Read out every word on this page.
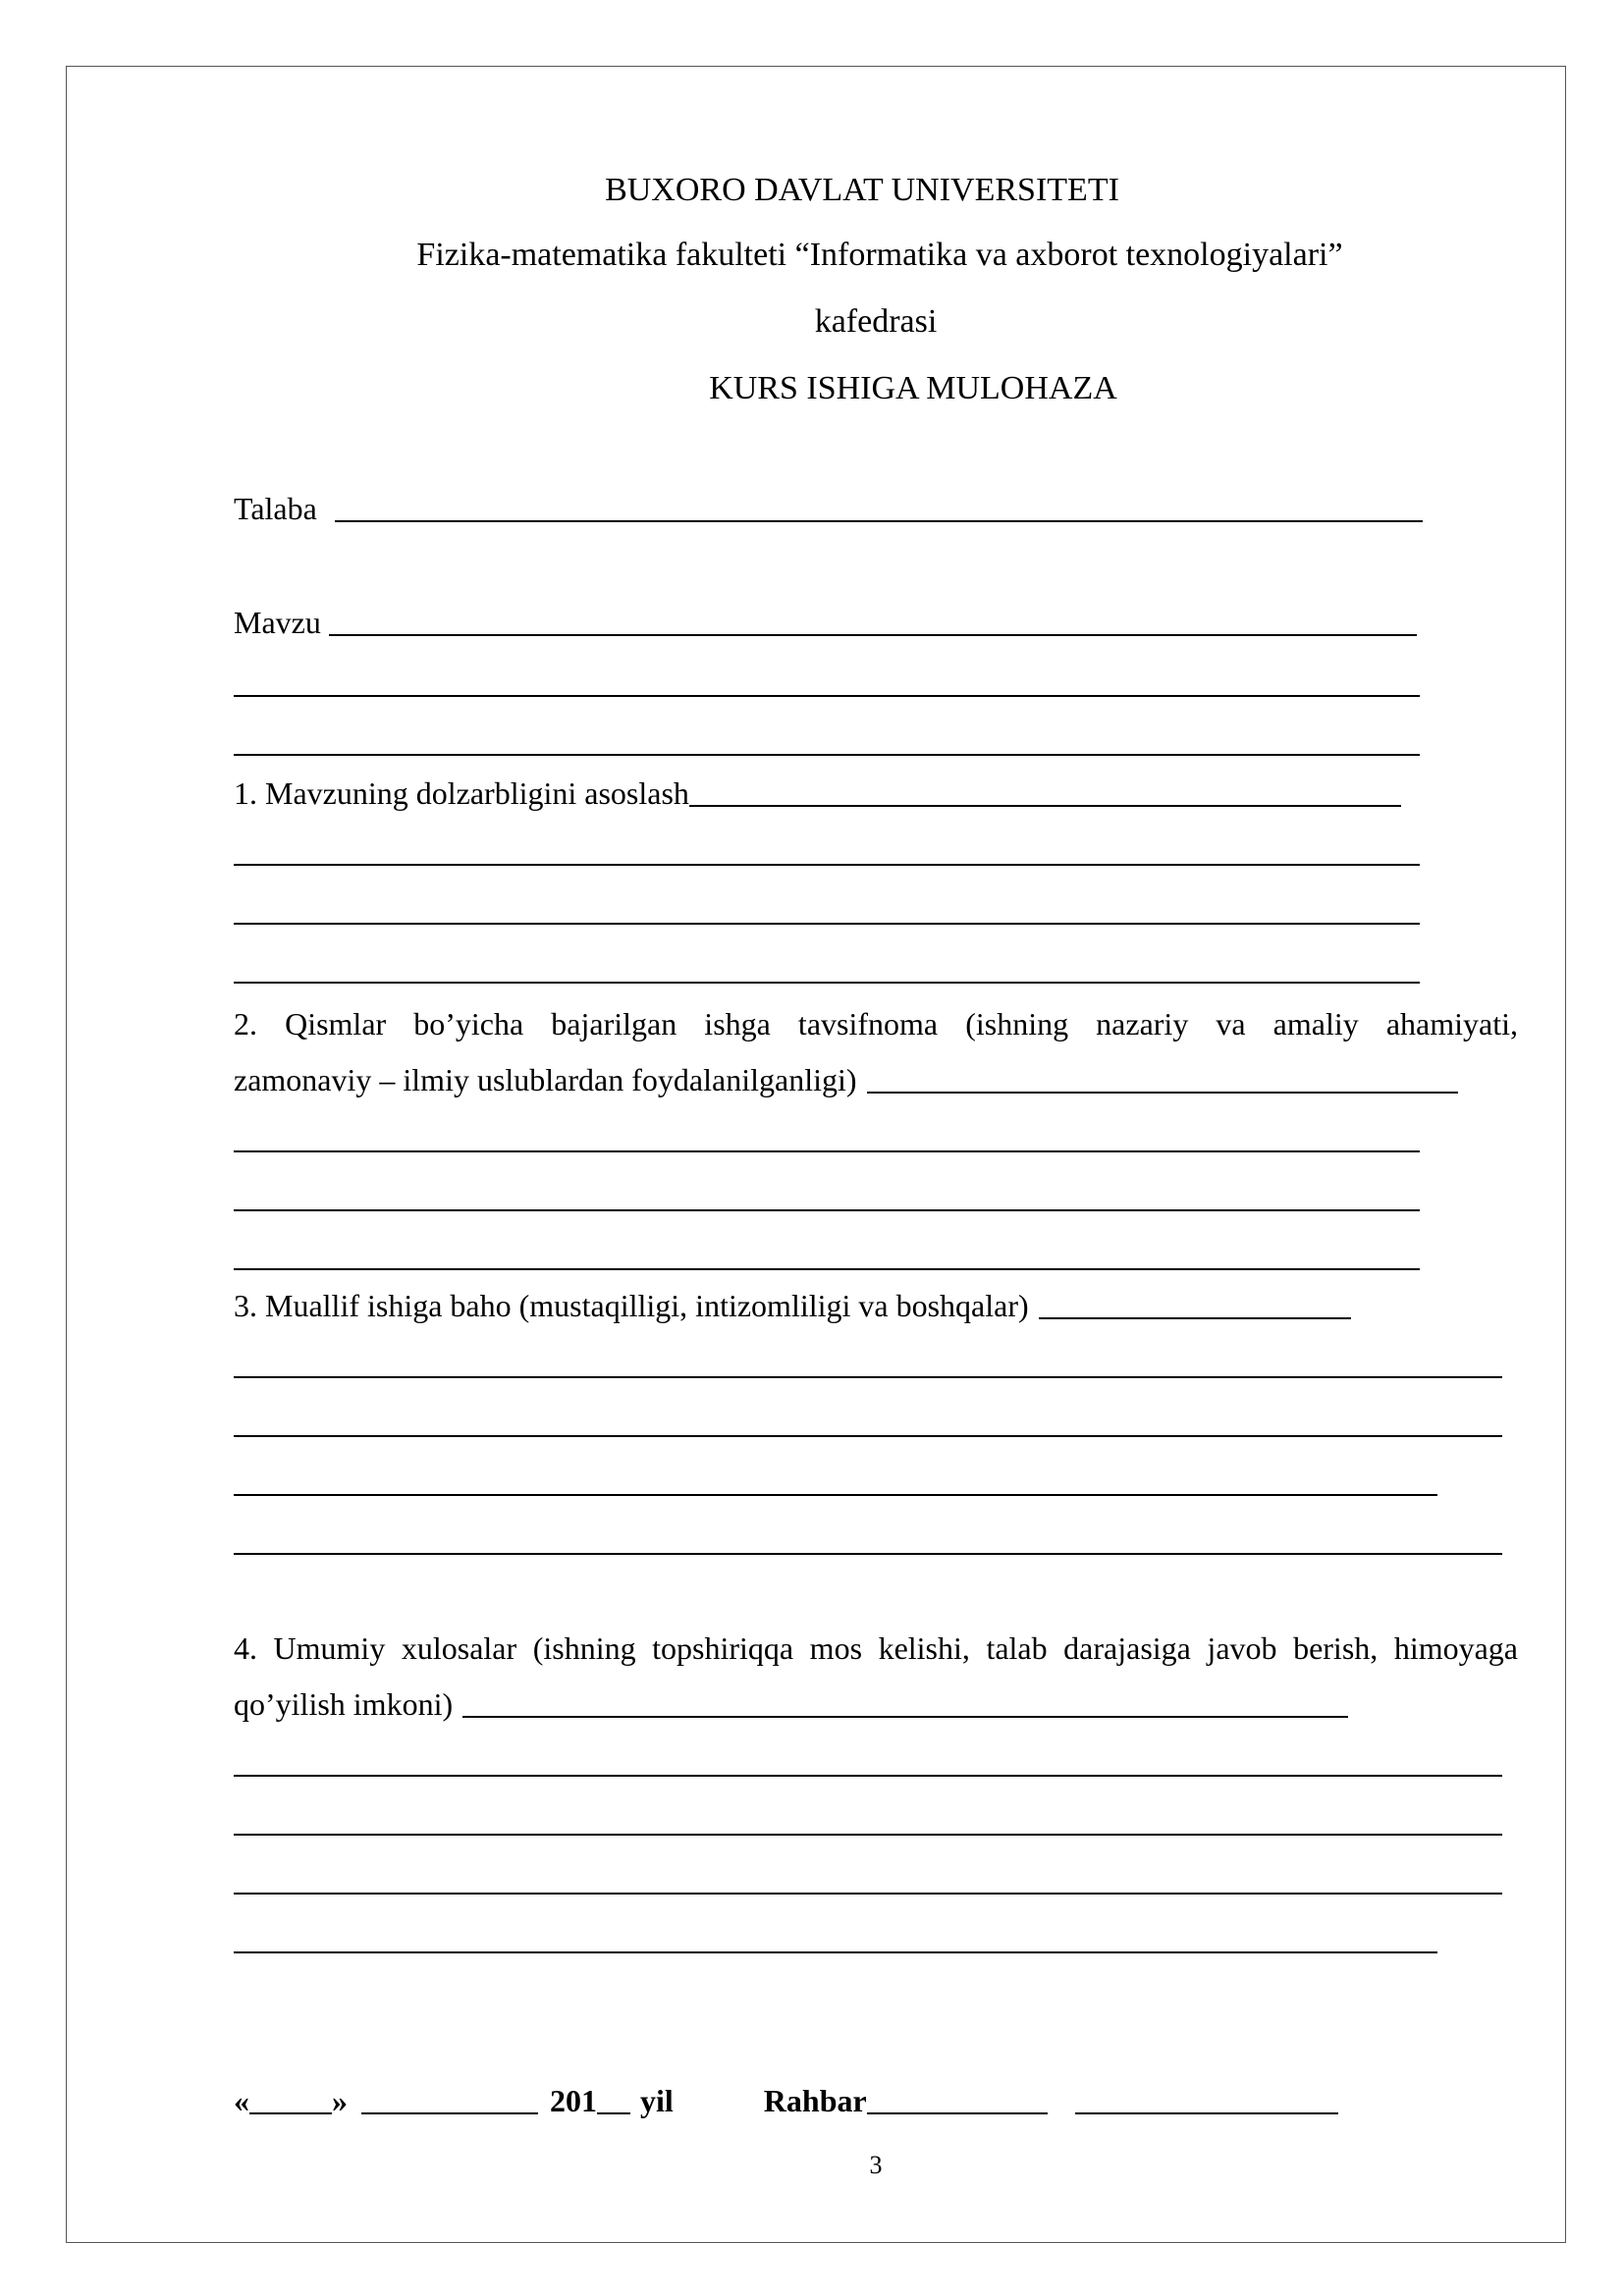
BUXORO DAVLAT UNIVERSITETI
Fizika-matematika fakulteti “Informatika va axborot texnologiyalari”
kafedrasi
KURS ISHIGA MULOHAZA
Talaba
Mavzu
1. Mavzuning dolzarbligini asoslash
2. Qismlar bo’yicha bajarilgan ishga tavsifnoma (ishning nazariy va amaliy ahamiyati,
zamonaviy – ilmiy uslublardan foydalanilganligi)
3. Muallif ishiga baho (mustaqilligi, intizomliligi va boshqalar)
4. Umumiy xulosalar (ishning topshiriqqa mos kelishi, talab darajasiga javob berish, himoyaga
qo’yilish imkoni)
«	»	201 yil	Rahbar
3
